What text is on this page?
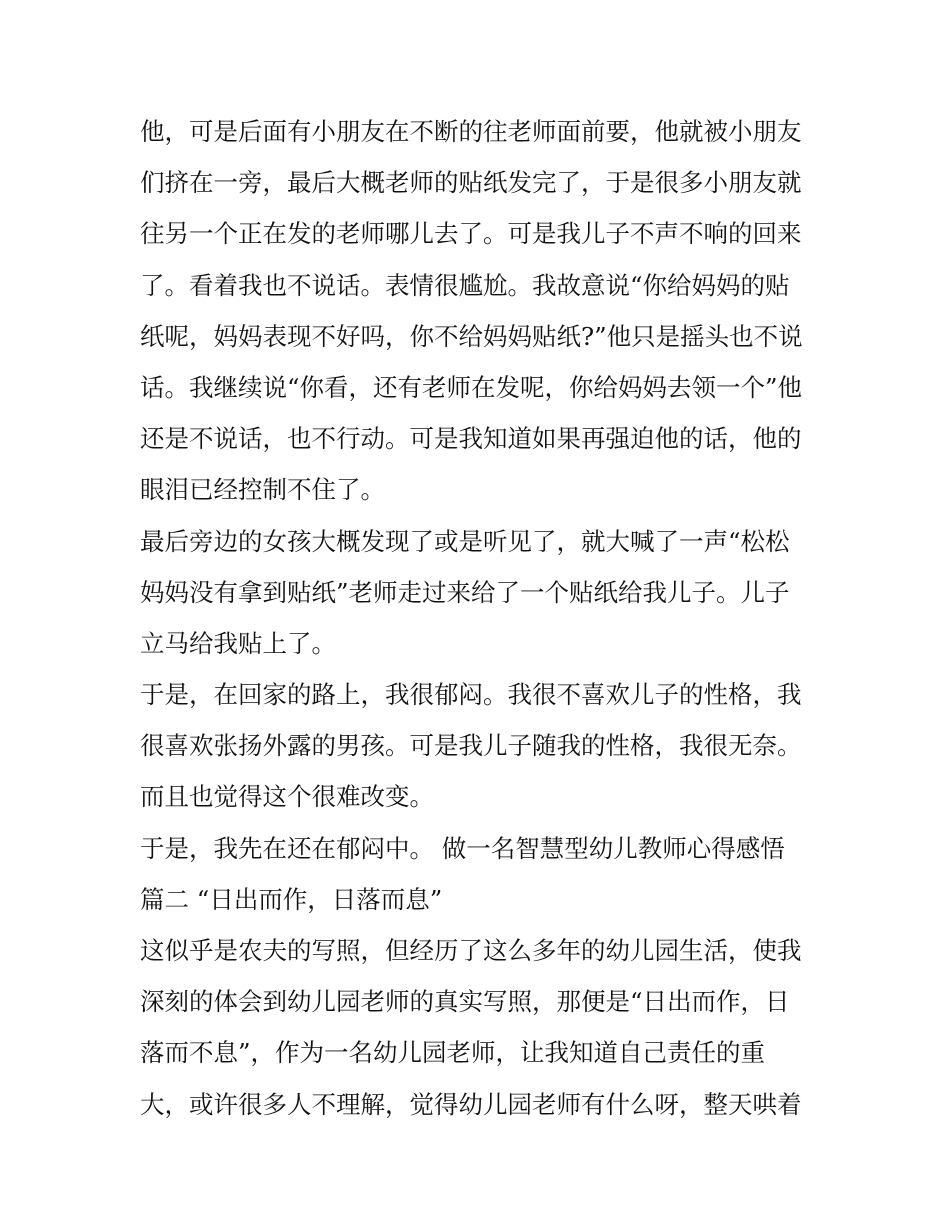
他，可是后面有小朋友在不断的往老师面前要，他就被小朋友
们挤在一旁，最后大概老师的贴纸发完了，于是很多小朋友就
往另一个正在发的老师哪儿去了。可是我儿子不声不响的回来
了。看着我也不说话。表情很尴尬。我故意说“你给妈妈的贴
纸呢，妈妈表现不好吗，你不给妈妈贴纸?”他只是摇头也不说
话。我继续说“你看，还有老师在发呢，你给妈妈去领一个”他
还是不说话，也不行动。可是我知道如果再强迫他的话，他的
眼泪已经控制不住了。
最后旁边的女孩大概发现了或是听见了，就大喊了一声“松松
妈妈没有拿到贴纸”老师走过来给了一个贴纸给我儿子。儿子
立马给我贴上了。
于是，在回家的路上，我很郁闷。我很不喜欢儿子的性格，我
很喜欢张扬外露的男孩。可是我儿子随我的性格，我很无奈。
而且也觉得这个很难改变。
于是，我先在还在郁闷中。 做一名智慧型幼儿教师心得感悟
篇二 “日出而作，日落而息”
这似乎是农夫的写照，但经历了这么多年的幼儿园生活，使我
深刻的体会到幼儿园老师的真实写照，那便是“日出而作，日
落而不息”，作为一名幼儿园老师，让我知道自己责任的重
大，或许很多人不理解，觉得幼儿园老师有什么呀，整天哄着
